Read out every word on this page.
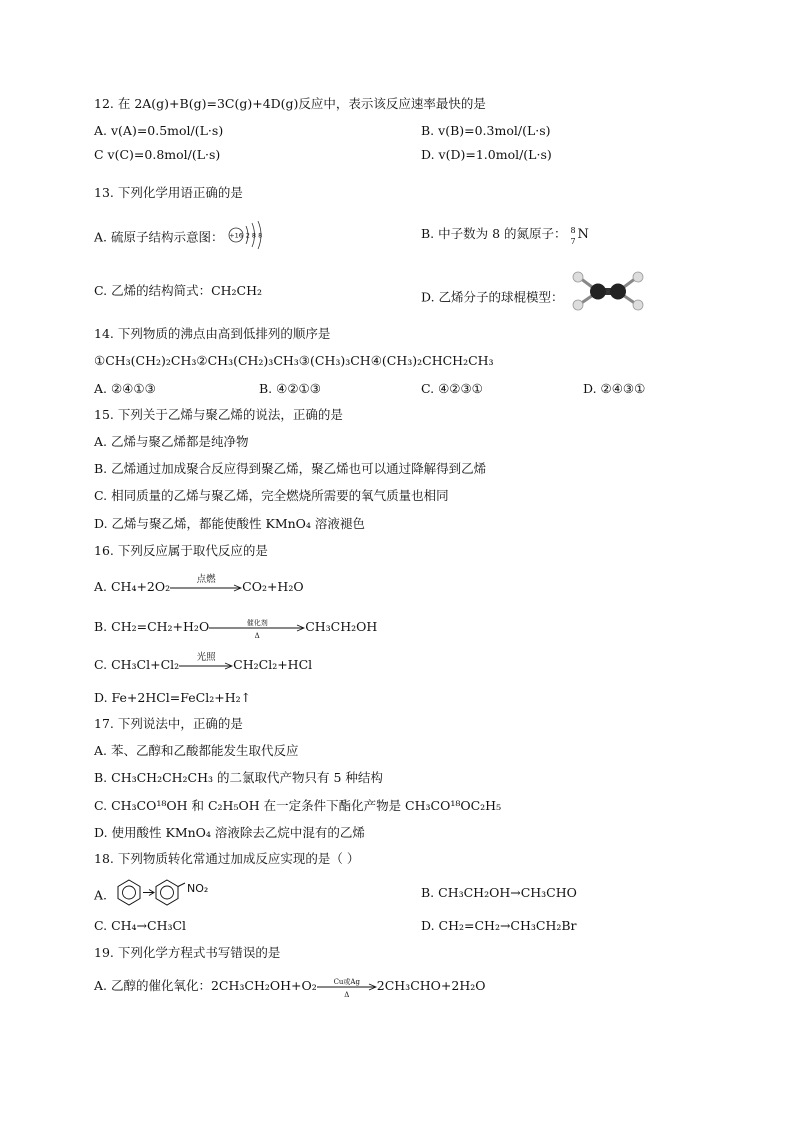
12. 在 2A(g)+B(g)=3C(g)+4D(g)反应中，表示该反应速率最快的是
A. v(A)=0.5mol/(L·s)	B. v(B)=0.3mol/(L·s)
C v(C)=0.8mol/(L·s)	D. v(D)=1.0mol/(L·s)
13. 下列化学用语正确的是
A. 硫原子结构示意图： +16 2 8 8	B. 中子数为 8 的氮原子： 8
7 N
C. 乙烯的结构简式：CH₂CH₂	D. 乙烯分子的球棍模型：
14. 下列物质的沸点由高到低排列的顺序是
①CH₃(CH₂)₂CH₃②CH₃(CH₂)₃CH₃③(CH₃)₃CH④(CH₃)₂CHCH₂CH₃
A. ②④①③	B. ④②①③	C. ④②③①	D. ②④③①
15. 下列关于乙烯与聚乙烯的说法，正确的是
A. 乙烯与聚乙烯都是纯净物
B. 乙烯通过加成聚合反应得到聚乙烯，聚乙烯也可以通过降解得到乙烯
C. 相同质量的乙烯与聚乙烯，完全燃烧所需要的氧气质量也相同
D. 乙烯与聚乙烯，都能使酸性 KMnO₄ 溶液褪色
16. 下列反应属于取代反应的是
A. CH₄+2O₂	点燃	CO₂+H₂O
B. CH₂=CH₂+H₂O	催化剂
Δ
CH₃CH₂OH
C. CH₃Cl+Cl₂	光照	CH₂Cl₂+HCl
D. Fe+2HCl=FeCl₂+H₂↑
17. 下列说法中，正确的是
A. 苯、乙醇和乙酸都能发生取代反应
B. CH₃CH₂CH₂CH₃ 的二氯取代产物只有 5 种结构
C. CH₃CO¹⁸OH 和 C₂H₅OH 在一定条件下酯化产物是 CH₃CO¹⁸OC₂H₅
D. 使用酸性 KMnO₄ 溶液除去乙烷中混有的乙烯
18. 下列物质转化常通过加成反应实现的是（ ）
A.	NO₂	B. CH₃CH₂OH→CH₃CHO
C. CH₄→CH₃Cl	D. CH₂=CH₂→CH₃CH₂Br
19. 下列化学方程式书写错误的是
A. 乙醇的催化氧化：2CH₃CH₂OH+O₂	Cu或Ag
Δ
2CH₃CHO+2H₂O
